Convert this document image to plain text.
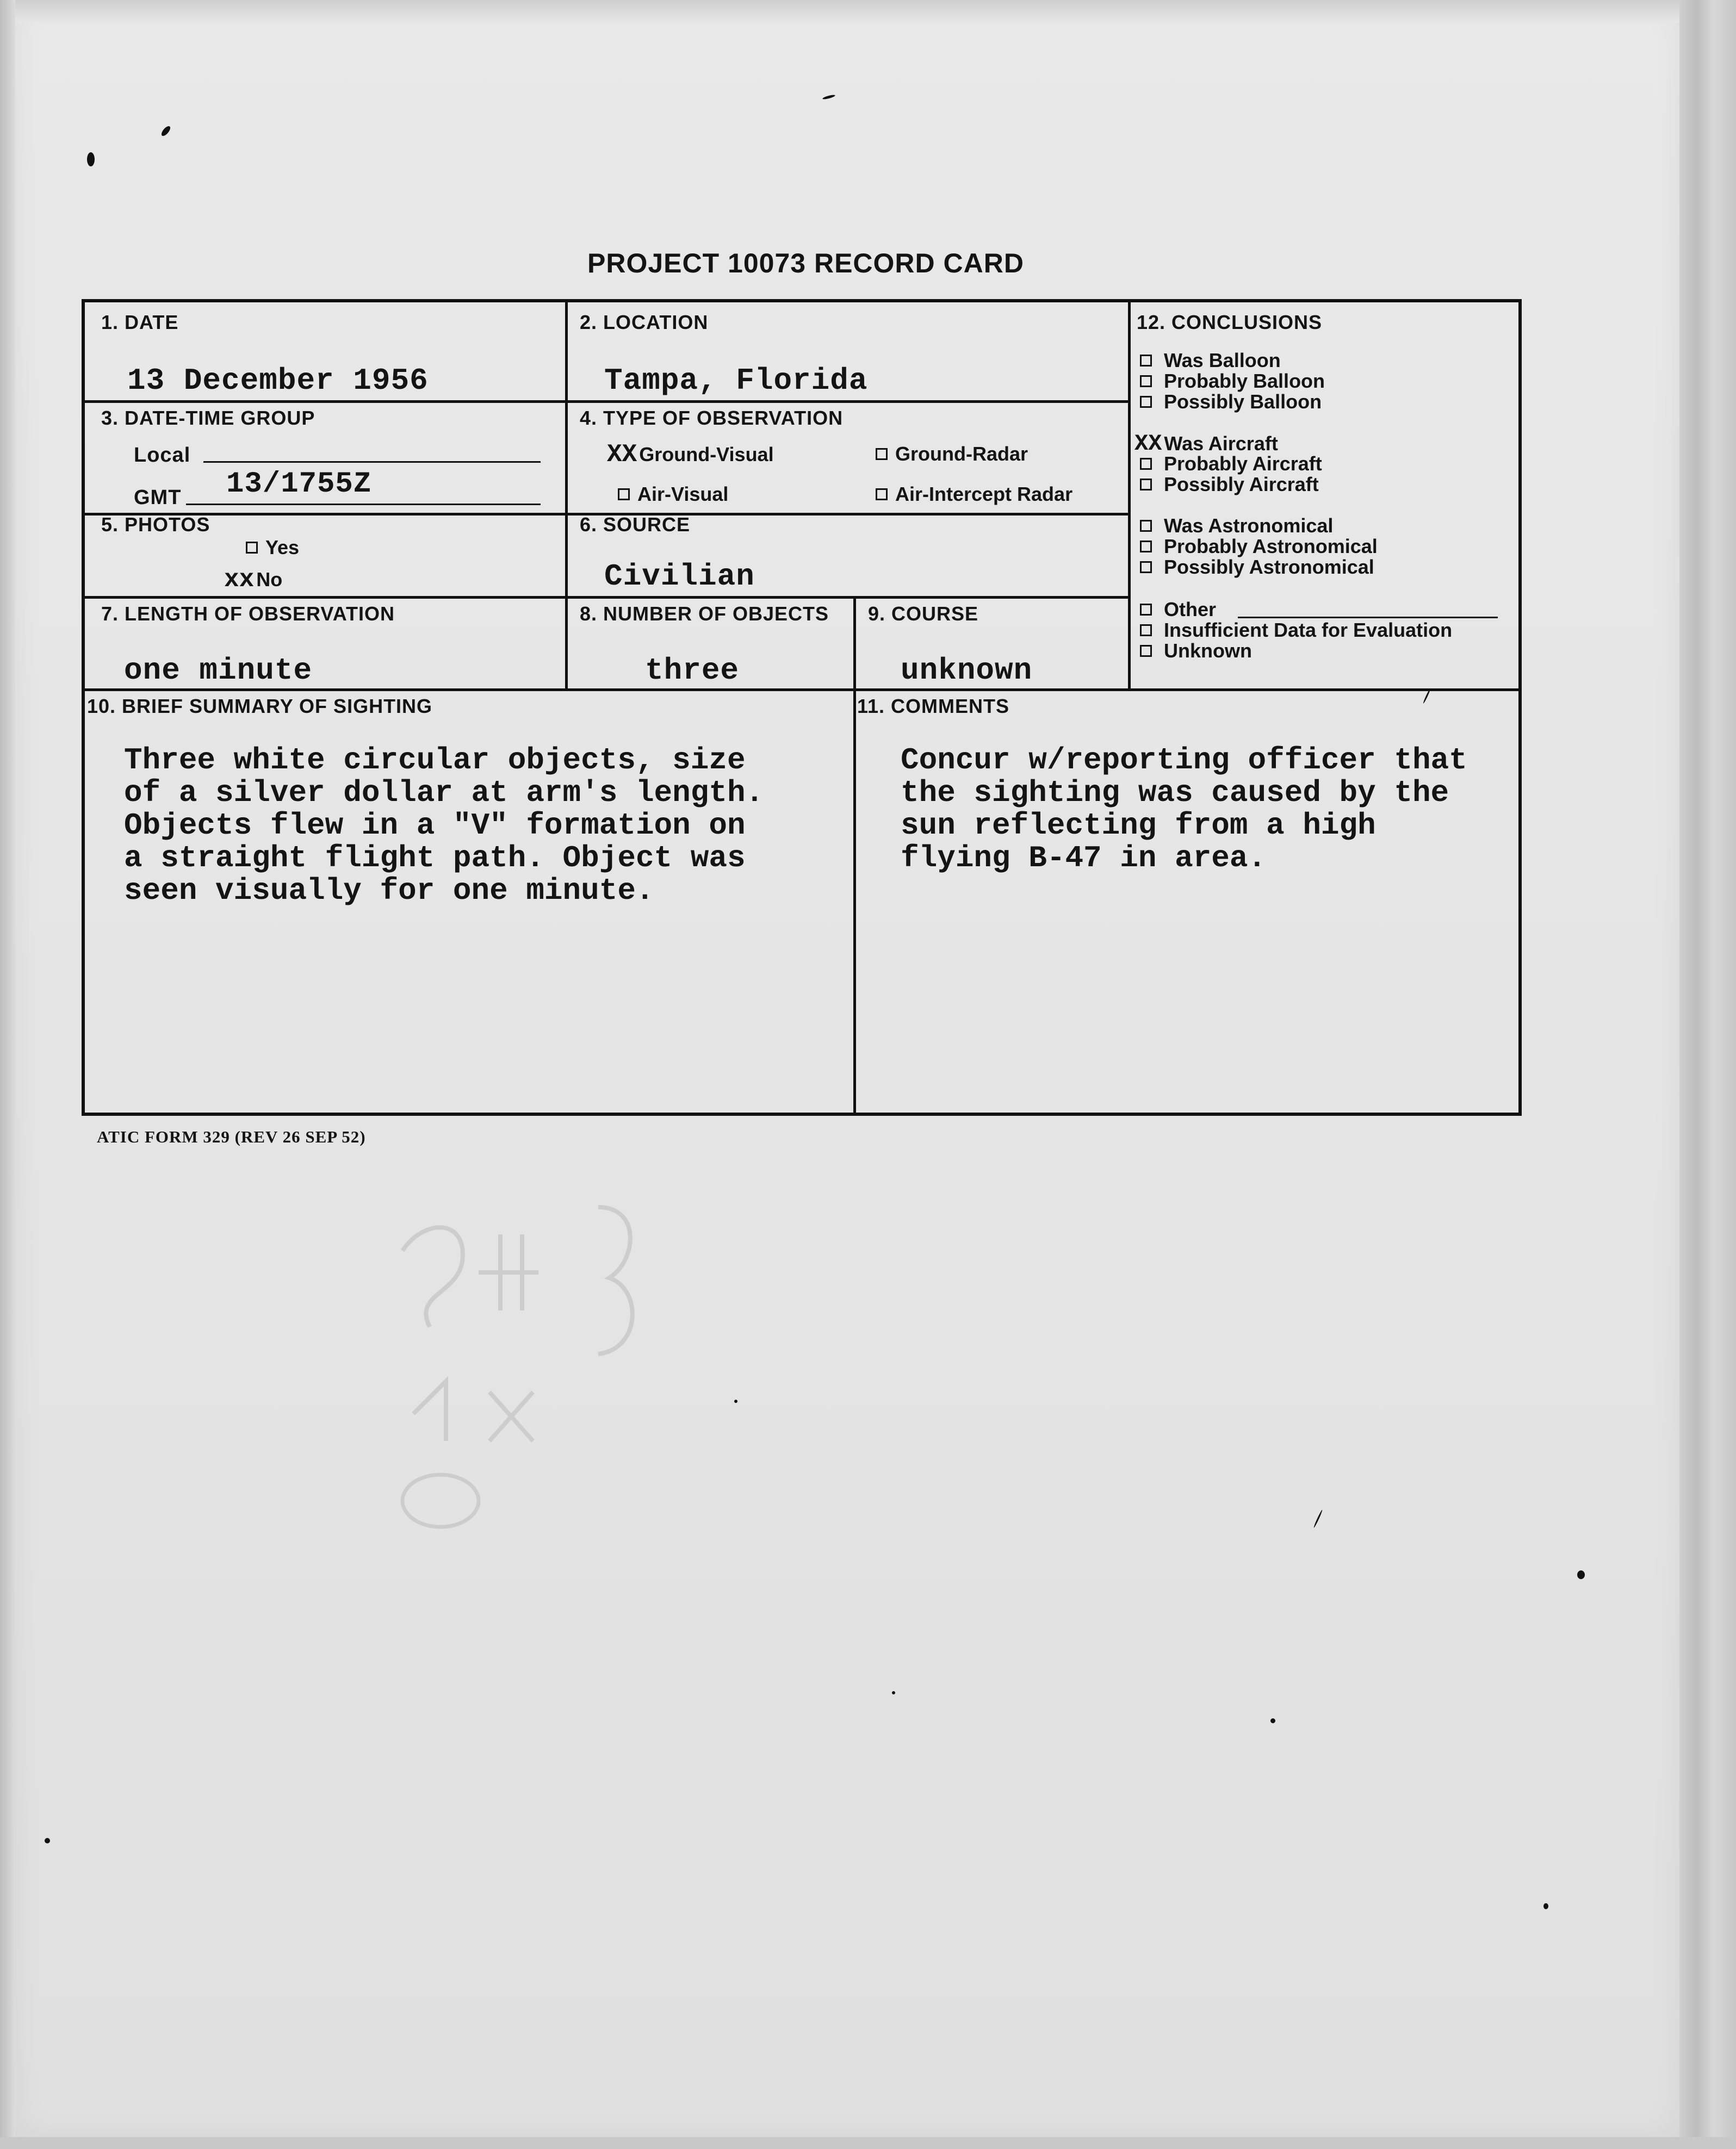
PROJECT 10073 RECORD CARD
1. DATE
13 December 1956
2. LOCATION
Tampa, Florida
3. DATE-TIME GROUP
Local
GMT 13/1755Z
4. TYPE OF OBSERVATION
XX Ground-Visual	Ground-Radar
Air-Visual	Air-Intercept Radar
5. PHOTOS
Yes
xx No
6. SOURCE
Civilian
7. LENGTH OF OBSERVATION
one minute
8. NUMBER OF OBJECTS
three
9. COURSE
unknown
12. CONCLUSIONS
Was Balloon
Probably Balloon
Possibly Balloon
XX Was Aircraft
Probably Aircraft
Possibly Aircraft
Was Astronomical
Probably Astronomical
Possibly Astronomical
Other
Insufficient Data for Evaluation
Unknown
10. BRIEF SUMMARY OF SIGHTING
Three white circular objects, size
of a silver dollar at arm's length.
Objects flew in a "V" formation on
a straight flight path. Object was
seen visually for one minute.
11. COMMENTS
Concur w/reporting officer that
the sighting was caused by the
sun reflecting from a high
flying B-47 in area.
ATIC FORM 329 (REV 26 SEP 52)
